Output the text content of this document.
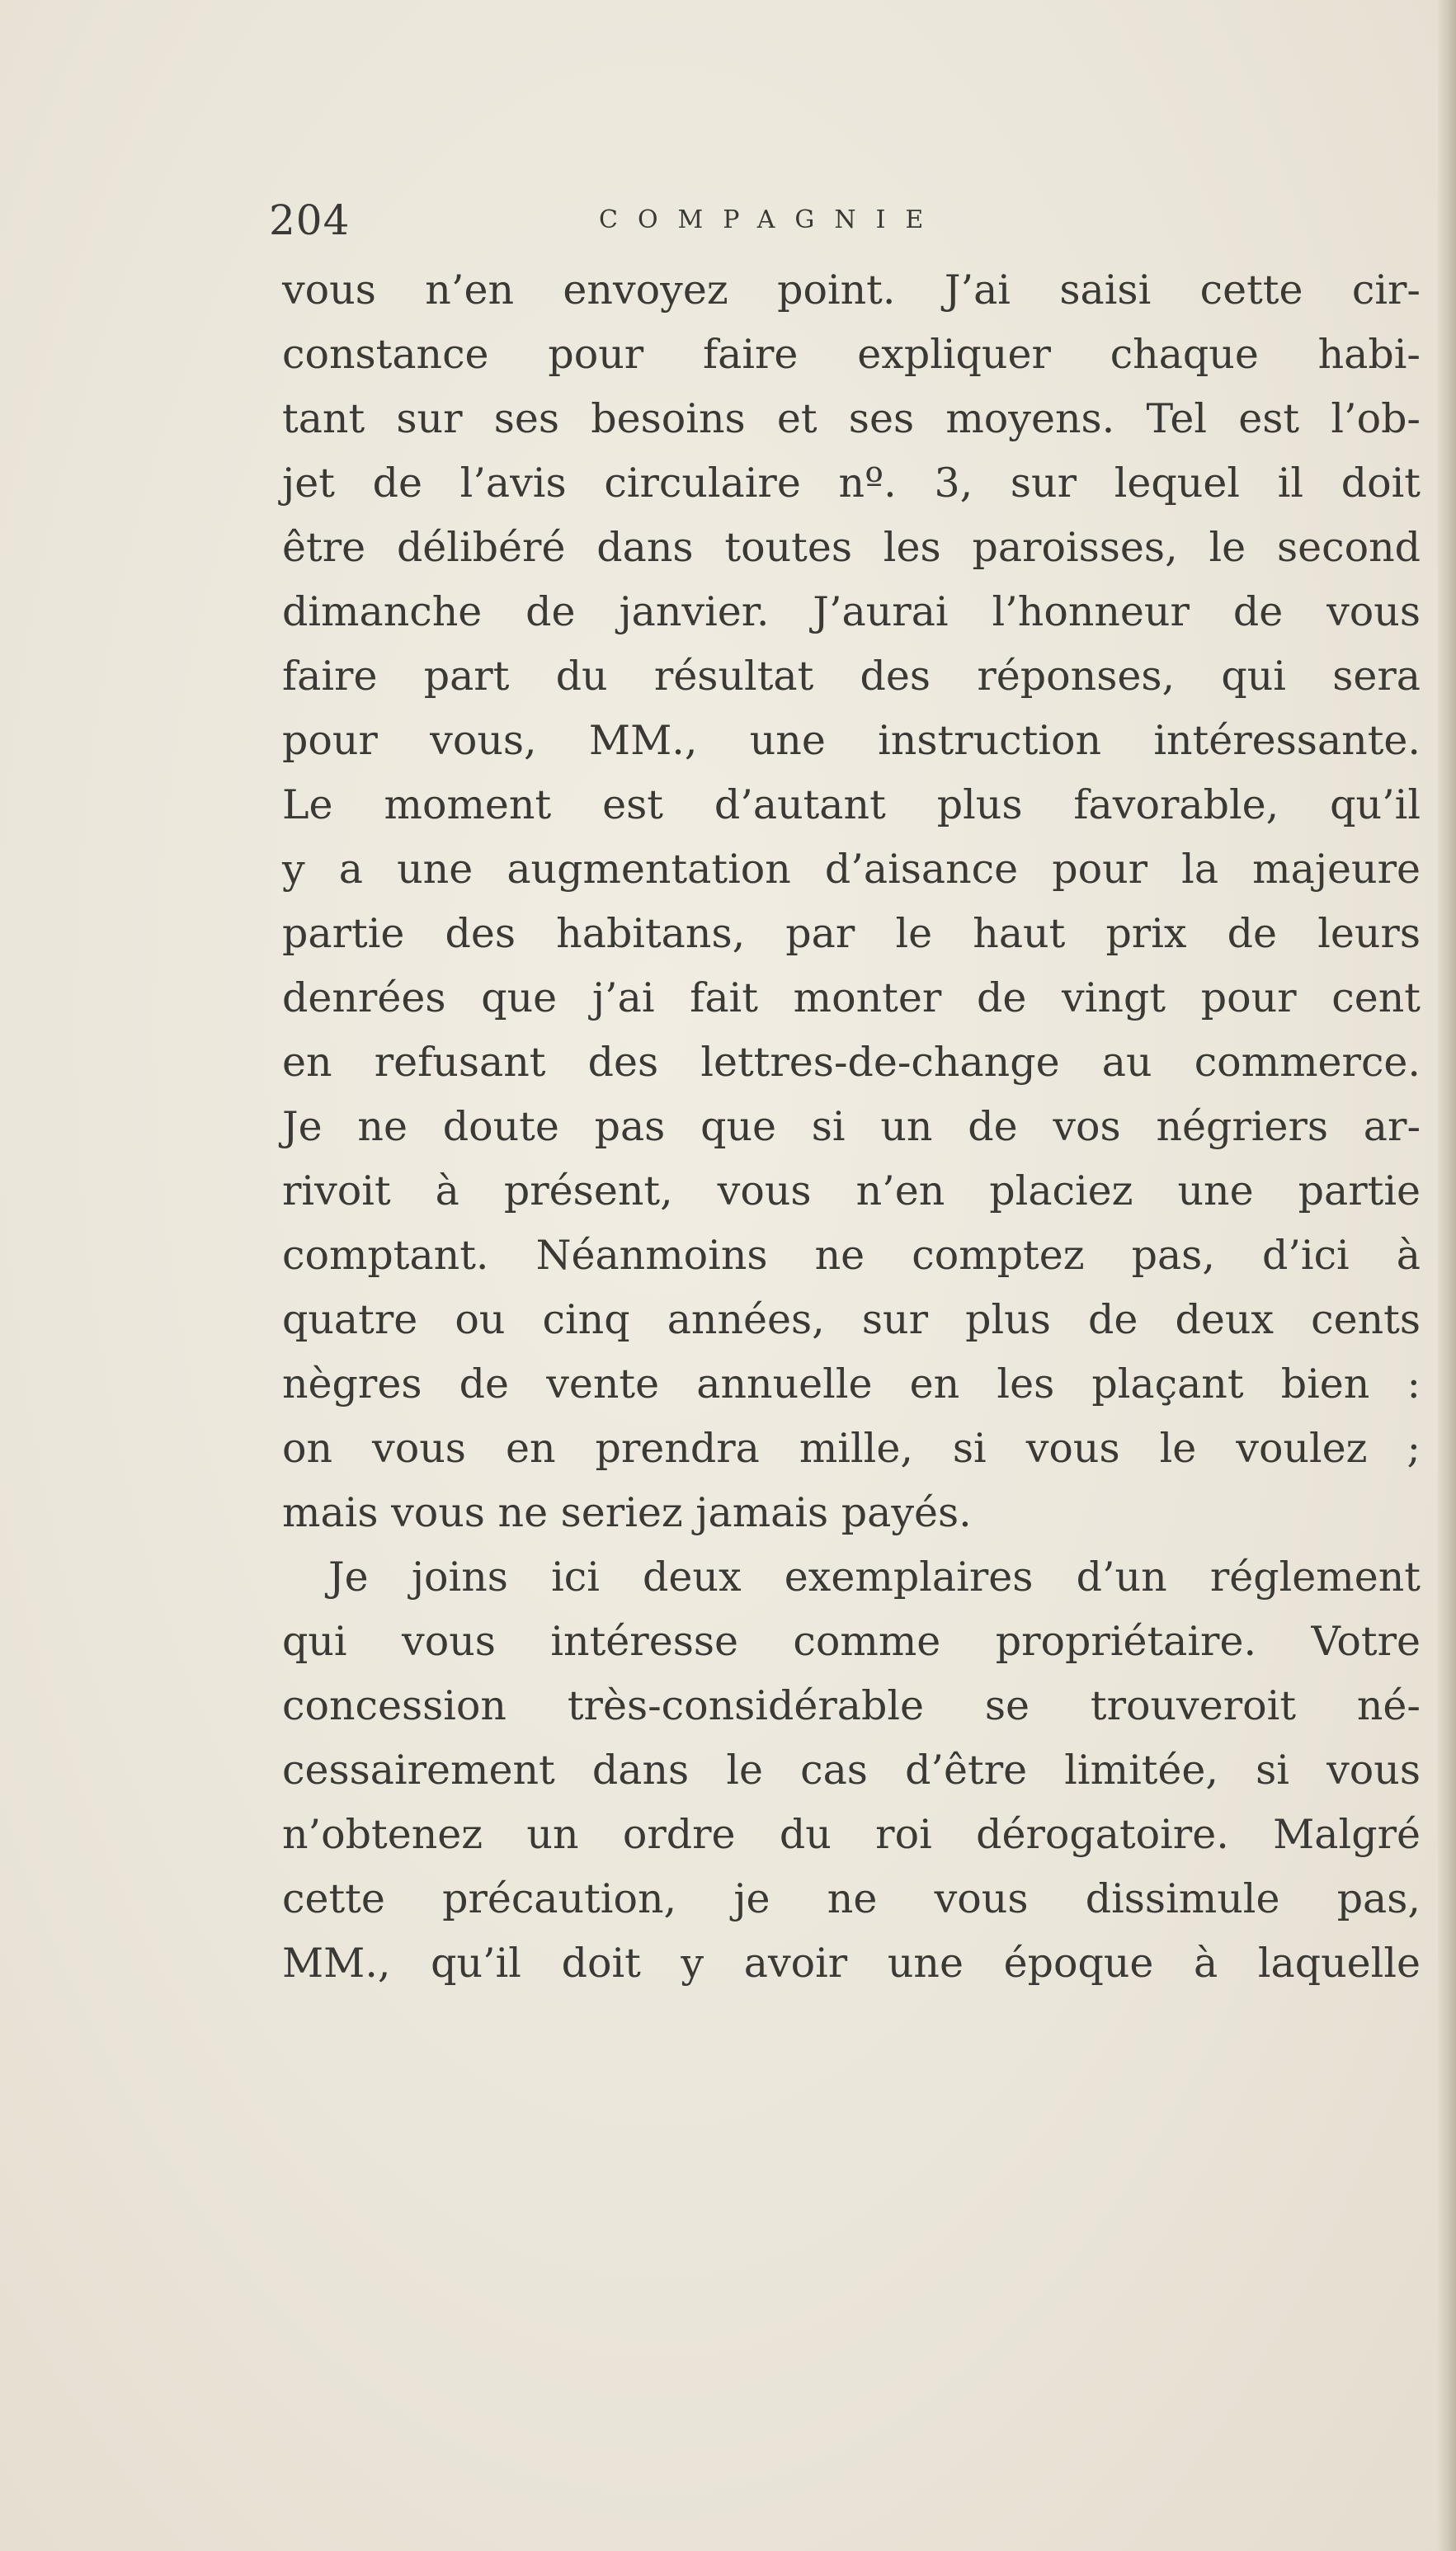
204	COMPAGNIE
vous n’en envoyez point. J’ai saisi cette cir-
constance pour faire expliquer chaque habi-
tant sur ses besoins et ses moyens. Tel est l’ob-
jet de l’avis circulaire nº. 3, sur lequel il doit
être délibéré dans toutes les paroisses, le second
dimanche de janvier. J’aurai l’honneur de vous
faire part du résultat des réponses, qui sera
pour vous, MM., une instruction intéressante.
Le moment est d’autant plus favorable, qu’il
y a une augmentation d’aisance pour la majeure
partie des habitans, par le haut prix de leurs
denrées que j’ai fait monter de vingt pour cent
en refusant des lettres-de-change au commerce.
Je ne doute pas que si un de vos négriers ar-
rivoit à présent, vous n’en placiez une partie
comptant. Néanmoins ne comptez pas, d’ici à
quatre ou cinq années, sur plus de deux cents
nègres de vente annuelle en les plaçant bien :
on vous en prendra mille, si vous le voulez ;
mais vous ne seriez jamais payés.
Je joins ici deux exemplaires d’un réglement
qui vous intéresse comme propriétaire. Votre
concession très-considérable se trouveroit né-
cessairement dans le cas d’être limitée, si vous
n’obtenez un ordre du roi dérogatoire. Malgré
cette précaution, je ne vous dissimule pas,
MM., qu’il doit y avoir une époque à laquelle
